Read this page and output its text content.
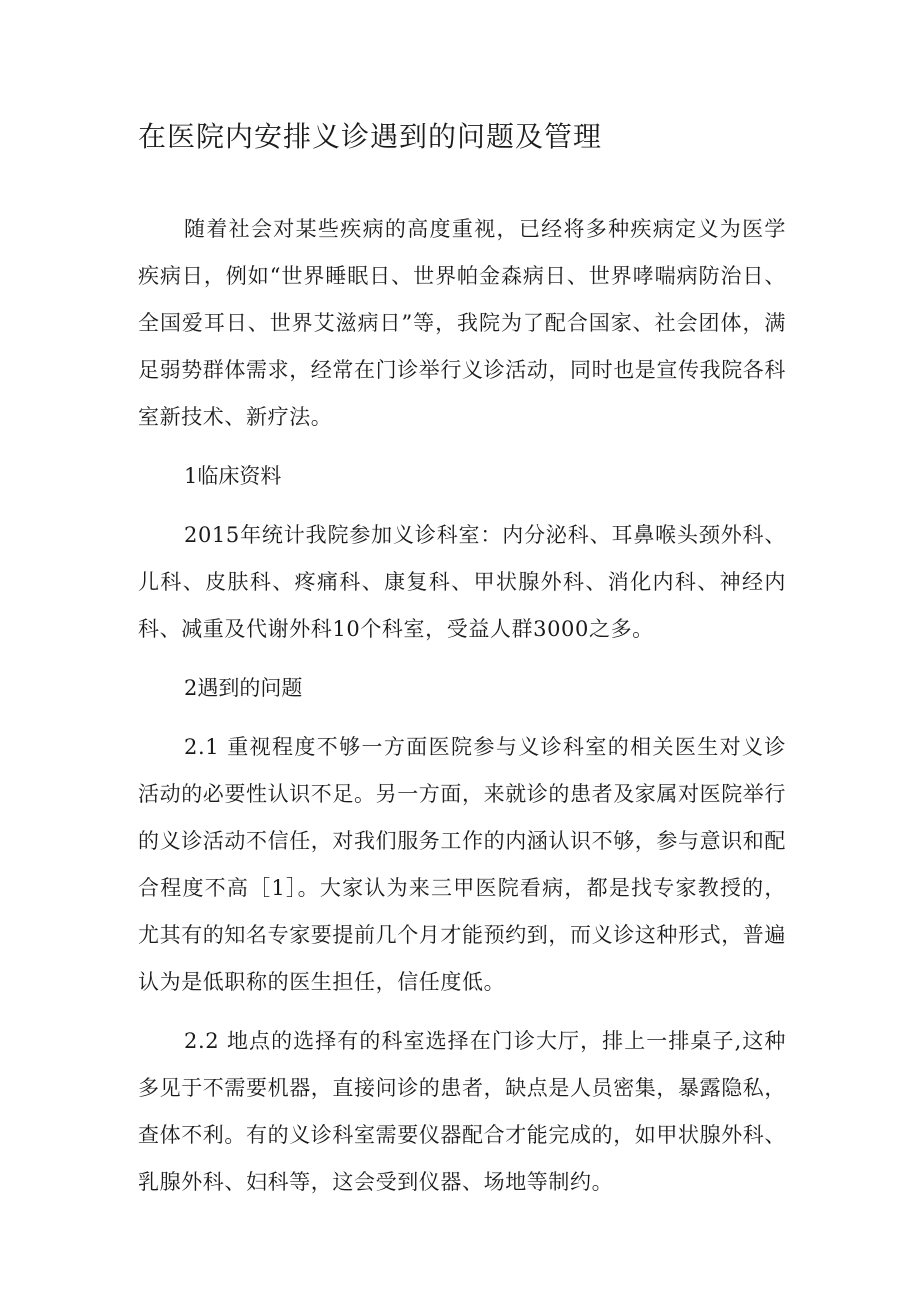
在医院内安排义诊遇到的问题及管理

随着社会对某些疾病的高度重视，已经将多种疾病定义为医学疾病日，例如“世界睡眠日、世界帕金森病日、世界哮喘病防治日、全国爱耳日、世界艾滋病日”等，我院为了配合国家、社会团体，满足弱势群体需求，经常在门诊举行义诊活动，同时也是宣传我院各科室新技术、新疗法。

1临床资料

2015年统计我院参加义诊科室：内分泌科、耳鼻喉头颈外科、儿科、皮肤科、疼痛科、康复科、甲状腺外科、消化内科、神经内科、减重及代谢外科10个科室，受益人群3000之多。

2遇到的问题

2.1 重视程度不够一方面医院参与义诊科室的相关医生对义诊活动的必要性认识不足。另一方面，来就诊的患者及家属对医院举行的义诊活动不信任，对我们服务工作的内涵认识不够，参与意识和配合程度不高［1］。大家认为来三甲医院看病，都是找专家教授的，尤其有的知名专家要提前几个月才能预约到，而义诊这种形式，普遍认为是低职称的医生担任，信任度低。

2.2 地点的选择有的科室选择在门诊大厅，排上一排桌子,这种多见于不需要机器，直接问诊的患者，缺点是人员密集，暴露隐私，查体不利。有的义诊科室需要仪器配合才能完成的，如甲状腺外科、乳腺外科、妇科等，这会受到仪器、场地等制约。
